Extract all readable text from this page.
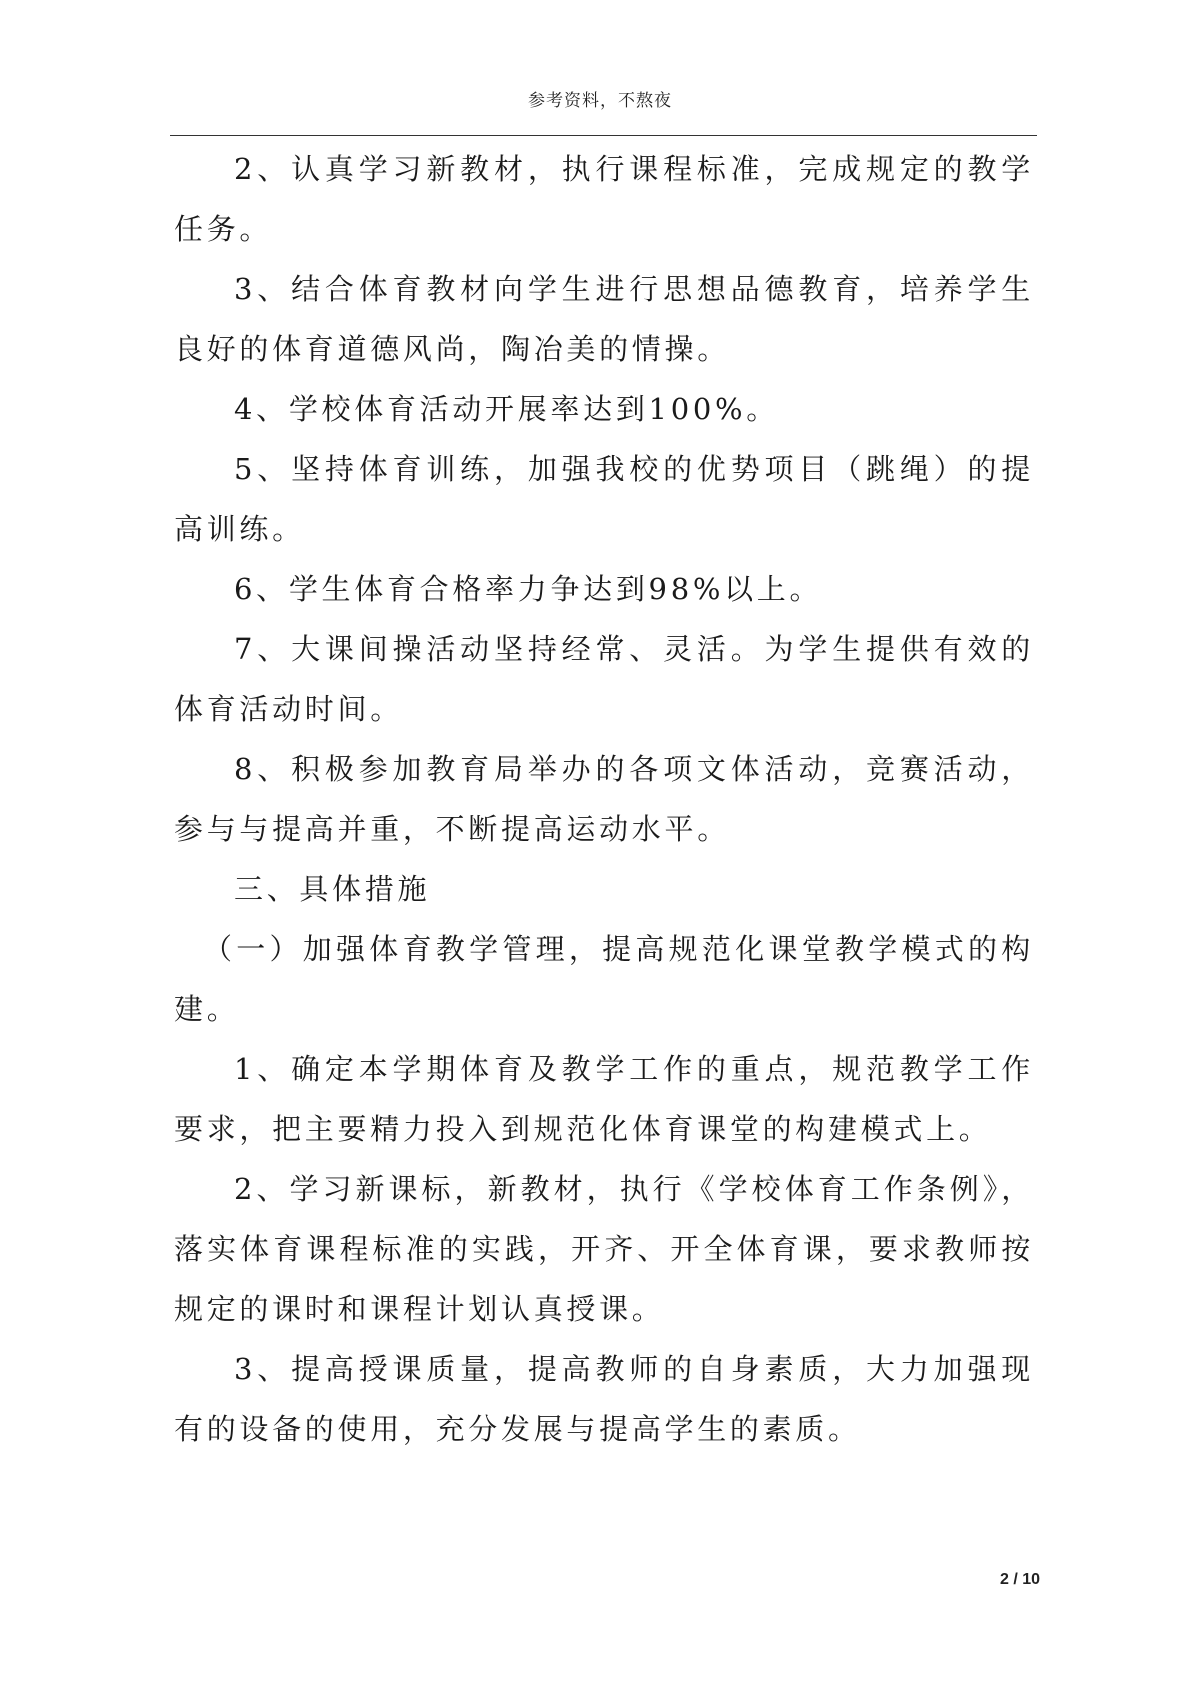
参考资料，不熬夜

2、认真学习新教材，执行课程标准，完成规定的教学任务。

3、结合体育教材向学生进行思想品德教育，培养学生良好的体育道德风尚，陶冶美的情操。

4、学校体育活动开展率达到100%。

5、坚持体育训练，加强我校的优势项目（跳绳）的提高训练。

6、学生体育合格率力争达到98%以上。

7、大课间操活动坚持经常、灵活。为学生提供有效的体育活动时间。

8、积极参加教育局举办的各项文体活动，竞赛活动，参与与提高并重，不断提高运动水平。

三、具体措施

（一）加强体育教学管理，提高规范化课堂教学模式的构建。

1、确定本学期体育及教学工作的重点，规范教学工作要求，把主要精力投入到规范化体育课堂的构建模式上。

2、学习新课标，新教材，执行《学校体育工作条例》，落实体育课程标准的实践，开齐、开全体育课，要求教师按规定的课时和课程计划认真授课。

3、提高授课质量，提高教师的自身素质，大力加强现有的设备的使用，充分发展与提高学生的素质。

2 / 10
